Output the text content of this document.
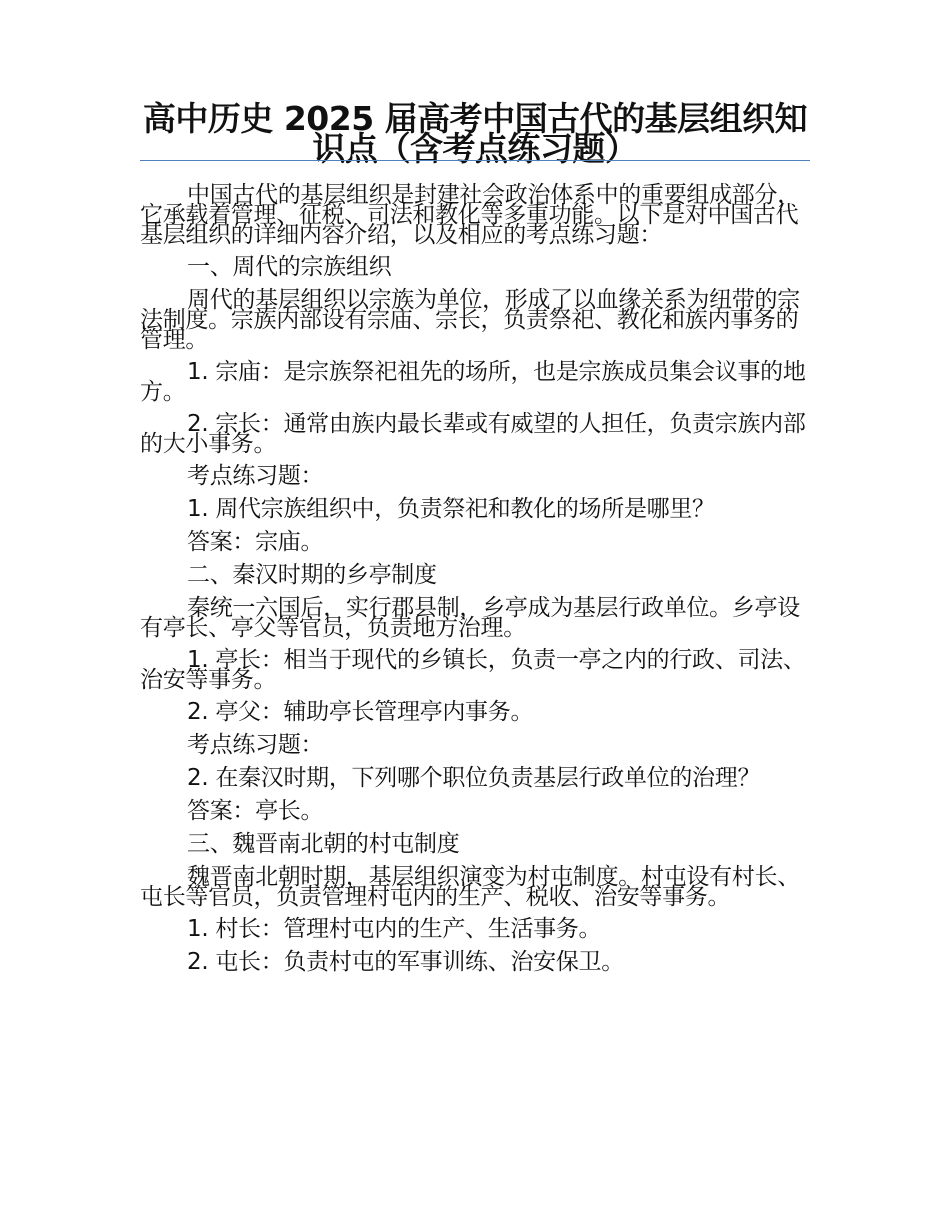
高中历史 2025 届高考中国古代的基层组织知识点（含考点练习题）

中国古代的基层组织是封建社会政治体系中的重要组成部分，它承载着管理、征税、司法和教化等多重功能。以下是对中国古代基层组织的详细内容介绍，以及相应的考点练习题：

一、周代的宗族组织

周代的基层组织以宗族为单位，形成了以血缘关系为纽带的宗法制度。宗族内部设有宗庙、宗长，负责祭祀、教化和族内事务的管理。

1. 宗庙：是宗族祭祀祖先的场所，也是宗族成员集会议事的地方。

2. 宗长：通常由族内最长辈或有威望的人担任，负责宗族内部的大小事务。

考点练习题：

1. 周代宗族组织中，负责祭祀和教化的场所是哪里？

答案：宗庙。

二、秦汉时期的乡亭制度

秦统一六国后，实行郡县制，乡亭成为基层行政单位。乡亭设有亭长、亭父等官员，负责地方治理。

1. 亭长：相当于现代的乡镇长，负责一亭之内的行政、司法、治安等事务。

2. 亭父：辅助亭长管理亭内事务。

考点练习题：

2. 在秦汉时期，下列哪个职位负责基层行政单位的治理？

答案：亭长。

三、魏晋南北朝的村屯制度

魏晋南北朝时期，基层组织演变为村屯制度。村屯设有村长、屯长等官员，负责管理村屯内的生产、税收、治安等事务。

1. 村长：管理村屯内的生产、生活事务。

2. 屯长：负责村屯的军事训练、治安保卫。
